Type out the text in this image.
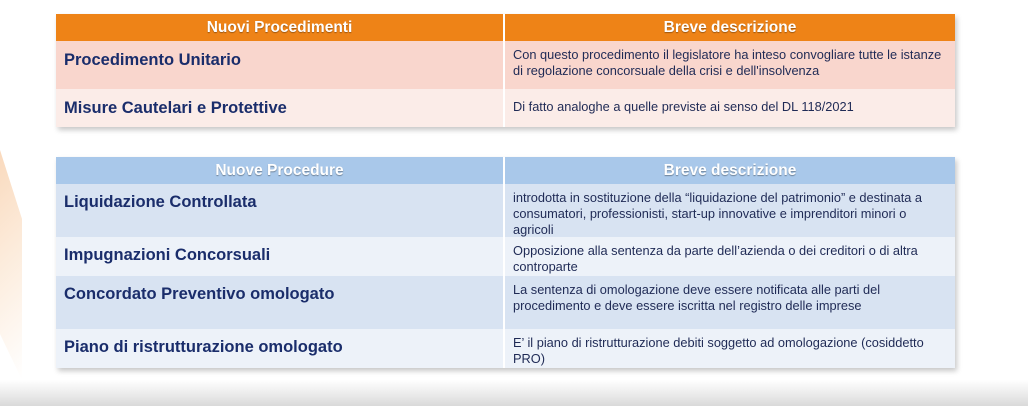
Nuovi Procedimenti	Breve descrizione
Procedimento Unitario	Con questo procedimento il legislatore ha inteso convogliare tutte le istanze di regolazione concorsuale della crisi e dell'insolvenza
Misure Cautelari e Protettive	Di fatto analoghe a quelle previste ai senso del DL 118/2021
Nuove Procedure	Breve descrizione
Liquidazione Controllata	introdotta in sostituzione della “liquidazione del patrimonio” e destinata a consumatori, professionisti, start-up innovative e imprenditori minori o agricoli
Impugnazioni Concorsuali	Opposizione alla sentenza da parte dell’azienda o dei creditori o di altra controparte
Concordato Preventivo omologato	La sentenza di omologazione deve essere notificata alle parti del procedimento e deve essere iscritta nel registro delle imprese
Piano di ristrutturazione omologato	E’ il piano di ristrutturazione debiti soggetto ad omologazione (cosiddetto PRO)
